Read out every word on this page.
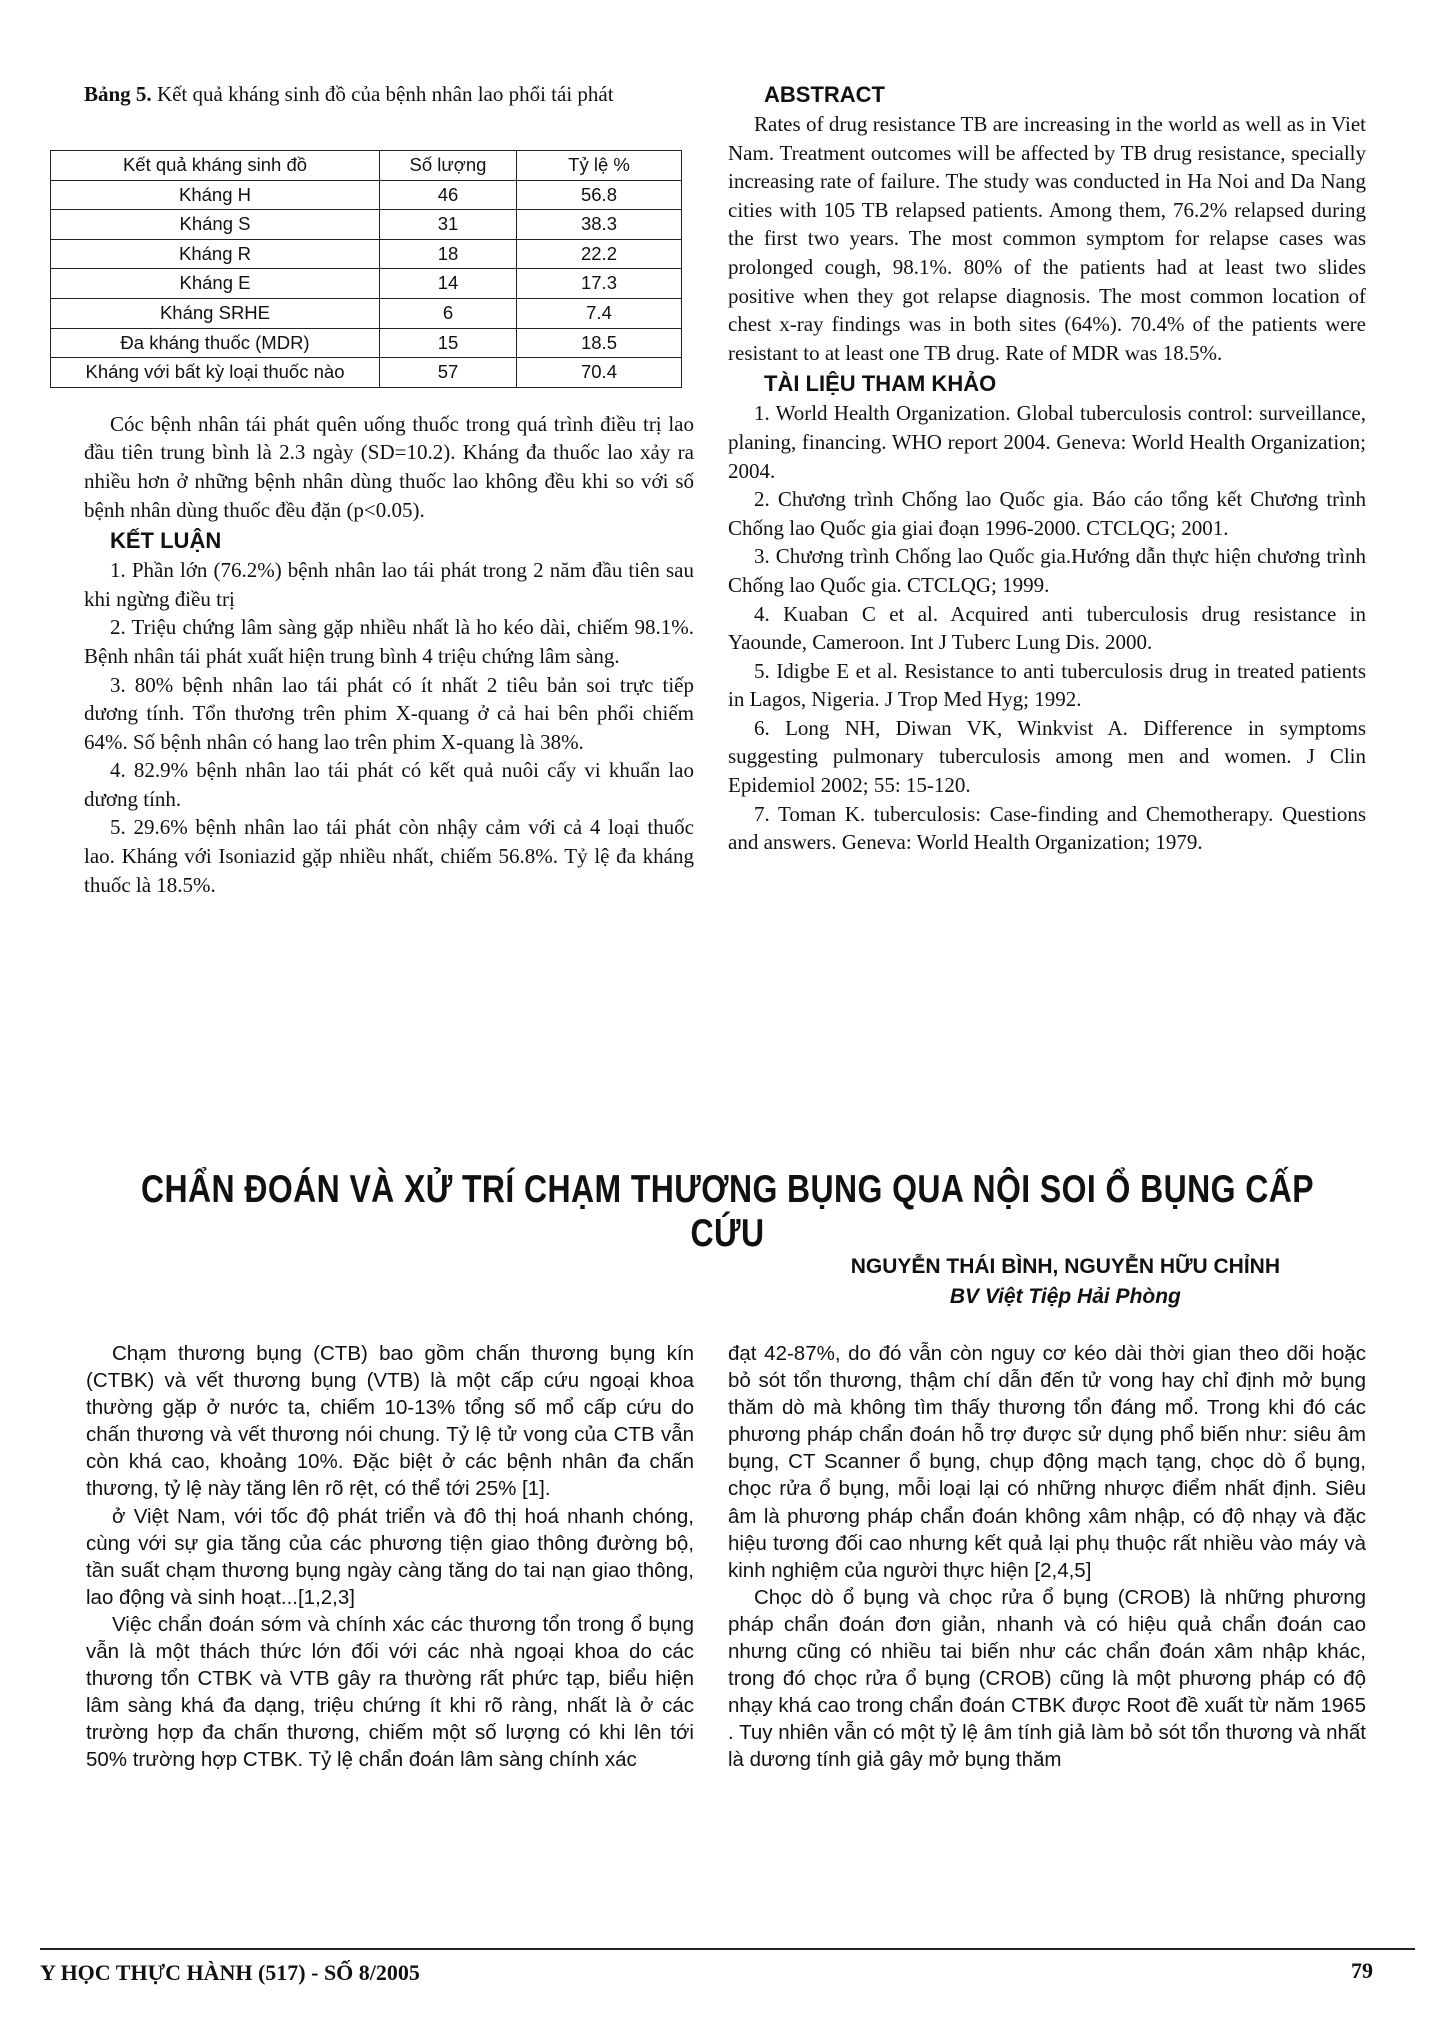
Bảng 5. Kết quả kháng sinh đồ của bệnh nhân lao phổi tái phát

Kết quả kháng sinh đồ	Số lượng	Tỷ lệ %
Kháng H	46	56.8
Kháng S	31	38.3
Kháng R	18	22.2
Kháng E	14	17.3
Kháng SRHE	6	7.4
Đa kháng thuốc (MDR)	15	18.5
Kháng với bất kỳ loại thuốc nào	57	70.4

Cóc bệnh nhân tái phát quên uống thuốc trong quá trình điều trị lao đầu tiên trung bình là 2.3 ngày (SD=10.2). Kháng đa thuốc lao xảy ra nhiều hơn ở những bệnh nhân dùng thuốc lao không đều khi so với số bệnh nhân dùng thuốc đều đặn (p<0.05).

KẾT LUẬN

1. Phần lớn (76.2%) bệnh nhân lao tái phát trong 2 năm đầu tiên sau khi ngừng điều trị

2. Triệu chứng lâm sàng gặp nhiều nhất là ho kéo dài, chiếm 98.1%. Bệnh nhân tái phát xuất hiện trung bình 4 triệu chứng lâm sàng.

3. 80% bệnh nhân lao tái phát có ít nhất 2 tiêu bản soi trực tiếp dương tính. Tổn thương trên phim X-quang ở cả hai bên phổi chiếm 64%. Số bệnh nhân có hang lao trên phim X-quang là 38%.

4. 82.9% bệnh nhân lao tái phát có kết quả nuôi cấy vi khuẩn lao dương tính.

5. 29.6% bệnh nhân lao tái phát còn nhậy cảm với cả 4 loại thuốc lao. Kháng với Isoniazid gặp nhiều nhất, chiếm 56.8%. Tỷ lệ đa kháng thuốc là 18.5%.

ABSTRACT

Rates of drug resistance TB are increasing in the world as well as in Viet Nam. Treatment outcomes will be affected by TB drug resistance, specially increasing rate of failure. The study was conducted in Ha Noi and Da Nang cities with 105 TB relapsed patients. Among them, 76.2% relapsed during the first two years. The most common symptom for relapse cases was prolonged cough, 98.1%. 80% of the patients had at least two slides positive when they got relapse diagnosis. The most common location of chest x-ray findings was in both sites (64%). 70.4% of the patients were resistant to at least one TB drug. Rate of MDR was 18.5%.

TÀI LIỆU THAM KHẢO

1. World Health Organization. Global tuberculosis control: surveillance, planing, financing. WHO report 2004. Geneva: World Health Organization; 2004.

2. Chương trình Chống lao Quốc gia. Báo cáo tổng kết Chương trình Chống lao Quốc gia giai đoạn 1996-2000. CTCLQG; 2001.

3. Chương trình Chống lao Quốc gia.Hướng dẫn thực hiện chương trình Chống lao Quốc gia. CTCLQG; 1999.

4. Kuaban C et al. Acquired anti tuberculosis drug resistance in Yaounde, Cameroon. Int J Tuberc Lung Dis. 2000.

5. Idigbe E et al. Resistance to anti tuberculosis drug in treated patients in Lagos, Nigeria. J Trop Med Hyg; 1992.

6. Long NH, Diwan VK, Winkvist A. Difference in symptoms suggesting pulmonary tuberculosis among men and women. J Clin Epidemiol 2002; 55: 15-120.

7. Toman K. tuberculosis: Case-finding and Chemotherapy. Questions and answers. Geneva: World Health Organization; 1979.

CHẨN ĐOÁN VÀ XỬ TRÍ CHẠM THƯƠNG BỤNG QUA NỘI SOI Ổ BỤNG CẤP CỨU
NGUYỄN THÁI BÌNH, NGUYỄN HỮU CHỈNH
BV Việt Tiệp Hải Phòng

Chạm thương bụng (CTB) bao gồm chấn thương bụng kín (CTBK) và vết thương bụng (VTB) là một cấp cứu ngoại khoa thường gặp ở nước ta, chiếm 10-13% tổng số mổ cấp cứu do chấn thương và vết thương nói chung. Tỷ lệ tử vong của CTB vẫn còn khá cao, khoảng 10%. Đặc biệt ở các bệnh nhân đa chấn thương, tỷ lệ này tăng lên rõ rệt, có thể tới 25% [1].

ở Việt Nam, với tốc độ phát triển và đô thị hoá nhanh chóng, cùng với sự gia tăng của các phương tiện giao thông đường bộ, tần suất chạm thương bụng ngày càng tăng do tai nạn giao thông, lao động và sinh hoạt...[1,2,3]

Việc chẩn đoán sớm và chính xác các thương tổn trong ổ bụng vẫn là một thách thức lớn đối với các nhà ngoại khoa do các thương tổn CTBK và VTB gây ra thường rất phức tạp, biểu hiện lâm sàng khá đa dạng, triệu chứng ít khi rõ ràng, nhất là ở các trường hợp đa chấn thương, chiếm một số lượng có khi lên tới 50% trường hợp CTBK. Tỷ lệ chẩn đoán lâm sàng chính xác

đạt 42-87%, do đó vẫn còn nguy cơ kéo dài thời gian theo dõi hoặc bỏ sót tổn thương, thậm chí dẫn đến tử vong hay chỉ định mở bụng thăm dò mà không tìm thấy thương tổn đáng mổ. Trong khi đó các phương pháp chẩn đoán hỗ trợ được sử dụng phổ biến như: siêu âm bụng, CT Scanner ổ bụng, chụp động mạch tạng, chọc dò ổ bụng, chọc rửa ổ bụng, mỗi loại lại có những nhược điểm nhất định. Siêu âm là phương pháp chẩn đoán không xâm nhập, có độ nhạy và đặc hiệu tương đối cao nhưng kết quả lại phụ thuộc rất nhiều vào máy và kinh nghiệm của người thực hiện [2,4,5]

Chọc dò ổ bụng và chọc rửa ổ bụng (CROB) là những phương pháp chẩn đoán đơn giản, nhanh và có hiệu quả chẩn đoán cao nhưng cũng có nhiều tai biến như các chẩn đoán xâm nhập khác, trong đó chọc rửa ổ bụng (CROB) cũng là một phương pháp có độ nhạy khá cao trong chẩn đoán CTBK được Root đề xuất từ năm 1965 . Tuy nhiên vẫn có một tỷ lệ âm tính giả làm bỏ sót tổn thương và nhất là dương tính giả gây mở bụng thăm

Y HỌC THỰC HÀNH (517) - SỐ 8/2005	79
